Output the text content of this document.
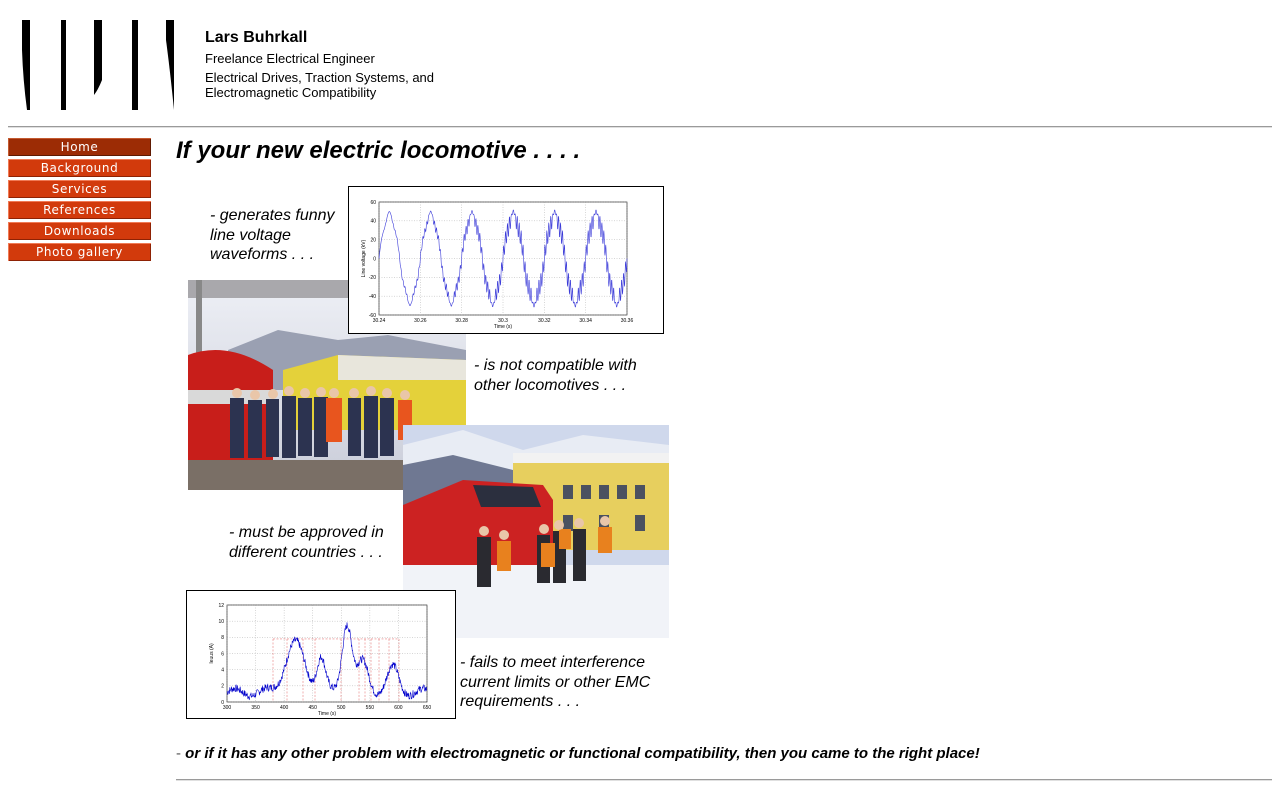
Lars Buhrkall
Freelance Electrical Engineer
Electrical Drives, Traction Systems, and Electromagnetic Compatibility
Home
Background
Services
References
Downloads
Photo gallery
If your new electric locomotive . . . .
- generates funny line voltage waveforms . . .
- is not compatible with other locomotives . . .
- must be approved in different countries . . .
- fails to meet interference current limits or other EMC requirements . . .
30.24	30.26	30.28	30.3	30.32	30.34	30.36
60
40
20
0
-20
-40
-60
Time (s)
Line voltage (kV)
300	350	400	450	500	550	600	650
12
10
8
6
4
2
0
Time (s)
Ieuus (A)
- or if it has any other problem with electromagnetic or functional compatibility, then you came to the right place!
